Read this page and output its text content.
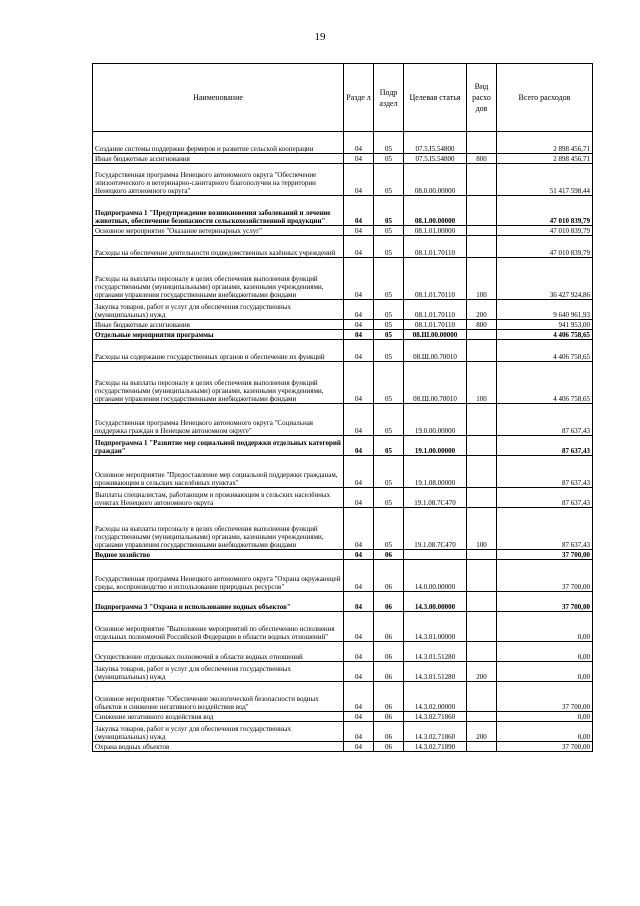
19
Наименование	Разде л	Подр аздел	Целевая статья	Вид расхо дов	Всего расходов
Создание системы поддержки фермеров и развитие сельской кооперации	04	05	07.5.I5.54800		2 898 456,71
Иные бюджетные ассигнования	04	05	07.5.I5.54800	800	2 898 456,71
Государственная программа Ненецкого автономного округа "Обеспечение эпизоотического и ветеринарно-санитарного благополучия на территории Ненецкого автономного округа"	04	05	08.0.00.00000		51 417 598,44
Подпрограмма 1 "Предупреждение возникновения заболеваний и лечение животных, обеспечение безопасности сельскохозяйственной продукции"	04	05	08.1.00.00000		47 010 839,79
Основное мероприятие "Оказание ветеринарных услуг"	04	05	08.1.01.00000		47 010 839,79
Расходы на обеспечение деятельности подведомственных казённых учреждений	04	05	08.1.01.70110		47 010 839,79
Расходы на выплаты персоналу в целях обеспечения выполнения функций государственными (муниципальными) органами, казенными учреждениями, органами управления государственными внебюджетными фондами	04	05	08.1.01.70110	100	36 427 924,86
Закупка товаров, работ и услуг для обеспечения государственных (муниципальных) нужд	04	05	08.1.01.70110	200	9 640 961,93
Иные бюджетные ассигнования	04	05	08.1.01.70110	800	941 953,00
Отдельные мероприятия программы	04	05	08.Ш.00.00000		4 406 758,65
Расходы на содержание государственных органов и обеспечение их функций	04	05	08.Ш.00.70010		4 406 758,65
Расходы на выплаты персоналу в целях обеспечения выполнения функций государственными (муниципальными) органами, казенными учреждениями, органами управления государственными внебюджетными фондами	04	05	08.Ш.00.70010	100	4 406 758,65
Государственная программа Ненецкого автономного округа "Социальная поддержка граждан в Ненецком автономном округе"	04	05	19.0.00.00000		87 637,43
Подпрограмма 1 "Развитие мер социальной поддержки отдельных категорий граждан"	04	05	19.1.00.00000		87 637,43
Основное мероприятие "Предоставление мер социальной поддержки гражданам, проживающим в сельских населённых пунктах"	04	05	19.1.08.00000		87 637,43
Выплаты специалистам, работающим и проживающим в сельских населённых пунктах Ненецкого автономного округа	04	05	19.1.08.7С470		87 637,43
Расходы на выплаты персоналу в целях обеспечения выполнения функций государственными (муниципальными) органами, казенными учреждениями, органами управления государственными внебюджетными фондами	04	05	19.1.08.7С470	100	87 637,43
Водное хозяйство	04	06			37 700,00
Государственная программа Ненецкого автономного округа "Охрана окружающей среды, воспроизводство и использование природных ресурсов"	04	06	14.0.00.00000		37 700,00
Подпрограмма 3 "Охрана и использование водных объектов"	04	06	14.3.00.00000		37 700,00
Основное мероприятие "Выполнение мероприятий по обеспечению исполнения отдельных полномочий Российской Федерации в области водных отношений"	04	06	14.3.01.00000		0,00
Осуществление отдельных полномочий в области водных отношений	04	06	14.3.01.51280		0,00
Закупка товаров, работ и услуг для обеспечения государственных (муниципальных) нужд	04	06	14.3.01.51280	200	0,00
Основное мероприятие "Обеспечение экологической безопасности водных объектов и снижение негативного воздействия вод"	04	06	14.3.02.00000		37 700,00
Снижение негативного воздействия вод	04	06	14.3.02.71860		0,00
Закупка товаров, работ и услуг для обеспечения государственных (муниципальных) нужд	04	06	14.3.02.71860	200	0,00
Охрана водных объектов	04	06	14.3.02.71890		37 700,00
